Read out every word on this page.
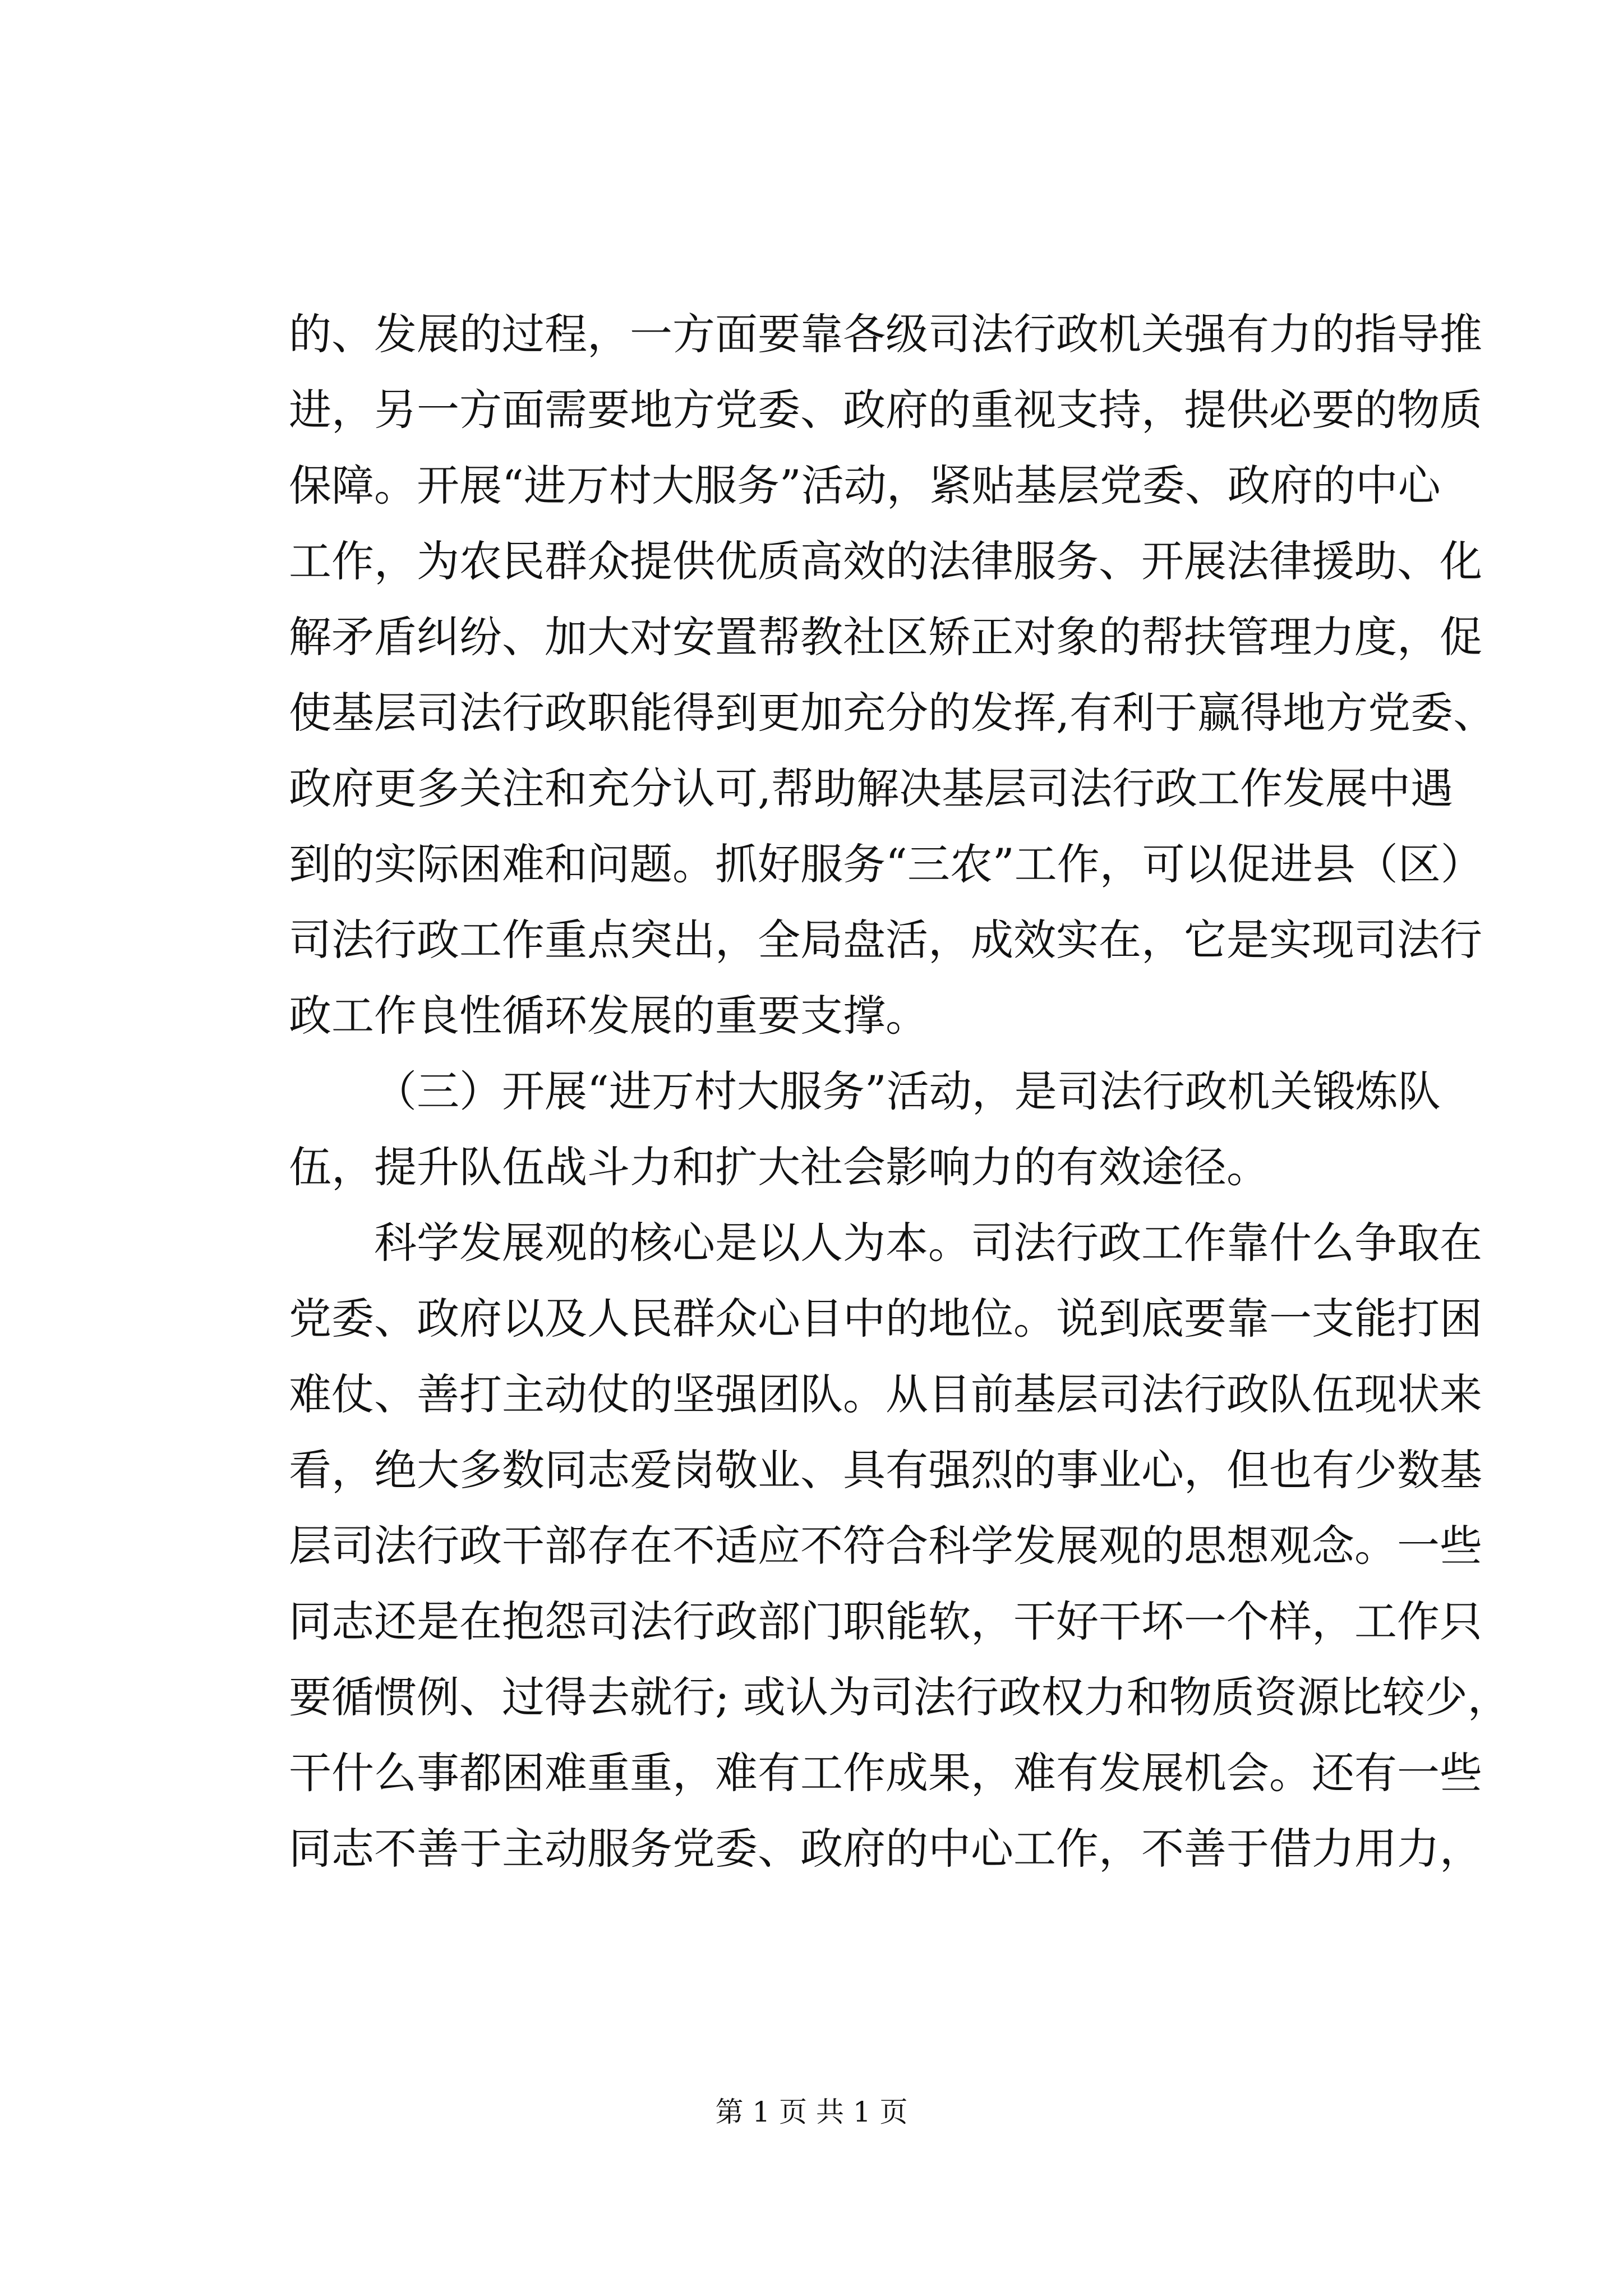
的、发展的过程，一方面要靠各级司法行政机关强有力的指导推
进，另一方面需要地方党委、政府的重视支持，提供必要的物质
保障。开展“进万村大服务”活动，紧贴基层党委、政府的中心
工作，为农民群众提供优质高效的法律服务、开展法律援助、化
解矛盾纠纷、加大对安置帮教社区矫正对象的帮扶管理力度，促
使基层司法行政职能得到更加充分的发挥,有利于赢得地方党委、
政府更多关注和充分认可,帮助解决基层司法行政工作发展中遇
到的实际困难和问题。抓好服务“三农”工作，可以促进县（区）
司法行政工作重点突出，全局盘活，成效实在，它是实现司法行
政工作良性循环发展的重要支撑。
（三）开展“进万村大服务”活动，是司法行政机关锻炼队
伍，提升队伍战斗力和扩大社会影响力的有效途径。
科学发展观的核心是以人为本。司法行政工作靠什么争取在
党委、政府以及人民群众心目中的地位。说到底要靠一支能打困
难仗、善打主动仗的坚强团队。从目前基层司法行政队伍现状来
看，绝大多数同志爱岗敬业、具有强烈的事业心，但也有少数基
层司法行政干部存在不适应不符合科学发展观的思想观念。一些
同志还是在抱怨司法行政部门职能软，干好干坏一个样，工作只
要循惯例、过得去就行; 或认为司法行政权力和物质资源比较少，
干什么事都困难重重，难有工作成果，难有发展机会。还有一些
同志不善于主动服务党委、政府的中心工作，不善于借力用力，
第 1 页 共 1 页
